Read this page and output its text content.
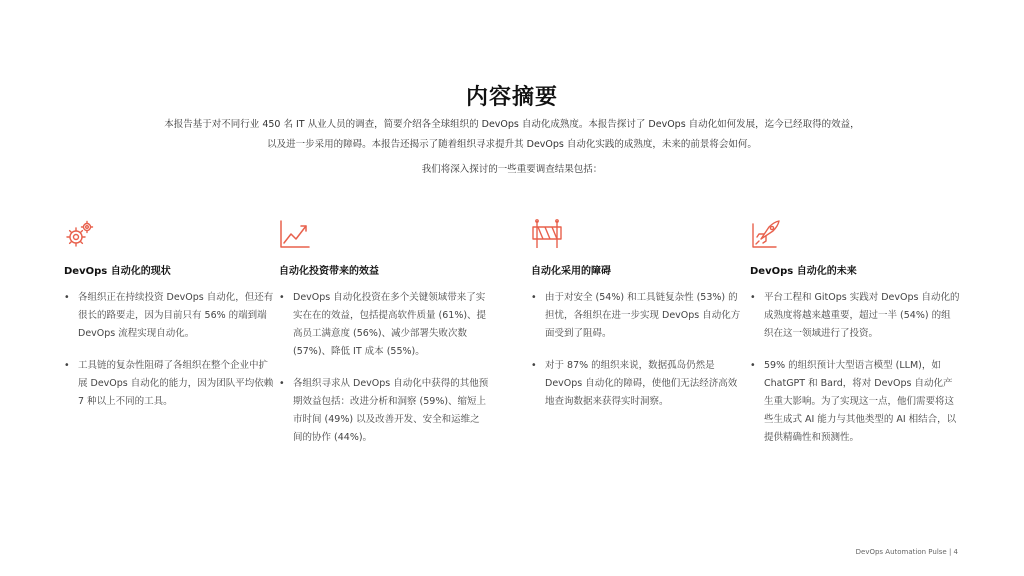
内容摘要

本报告基于对不同行业 450 名 IT 从业人员的调查，简要介绍各全球组织的 DevOps 自动化成熟度。本报告探讨了 DevOps 自动化如何发展，迄今已经取得的效益，

以及进一步采用的障碍。本报告还揭示了随着组织寻求提升其 DevOps 自动化实践的成熟度，未来的前景将会如何。

我们将深入探讨的一些重要调查结果包括：
DevOps 自动化的现状
• 各组织正在持续投资 DevOps 自动化，但还有很长的路要走，因为目前只有 56% 的端到端 DevOps 流程实现自动化。
• 工具链的复杂性阻碍了各组织在整个企业中扩展 DevOps 自动化的能力，因为团队平均依赖 7 种以上不同的工具。
自动化投资带来的效益
• DevOps 自动化投资在多个关键领域带来了实实在在的效益，包括提高软件质量 (61%)、提高员工满意度 (56%)、减少部署失败次数 (57%)、降低 IT 成本 (55%)。
• 各组织寻求从 DevOps 自动化中获得的其他预期效益包括：改进分析和洞察 (59%)、缩短上市时间 (49%) 以及改善开发、安全和运维之间的协作 (44%)。
自动化采用的障碍
• 由于对安全 (54%) 和工具链复杂性 (53%) 的担忧，各组织在进一步实现 DevOps 自动化方面受到了阻碍。
• 对于 87% 的组织来说，数据孤岛仍然是 DevOps 自动化的障碍，使他们无法经济高效地查询数据来获得实时洞察。
DevOps 自动化的未来
• 平台工程和 GitOps 实践对 DevOps 自动化的成熟度将越来越重要，超过一半 (54%) 的组织在这一领域进行了投资。
• 59% 的组织预计大型语言模型 (LLM)，如 ChatGPT 和 Bard，将对 DevOps 自动化产生重大影响。为了实现这一点，他们需要将这些生成式 AI 能力与其他类型的 AI 相结合，以提供精确性和预测性。
DevOps Automation Pulse | 4
